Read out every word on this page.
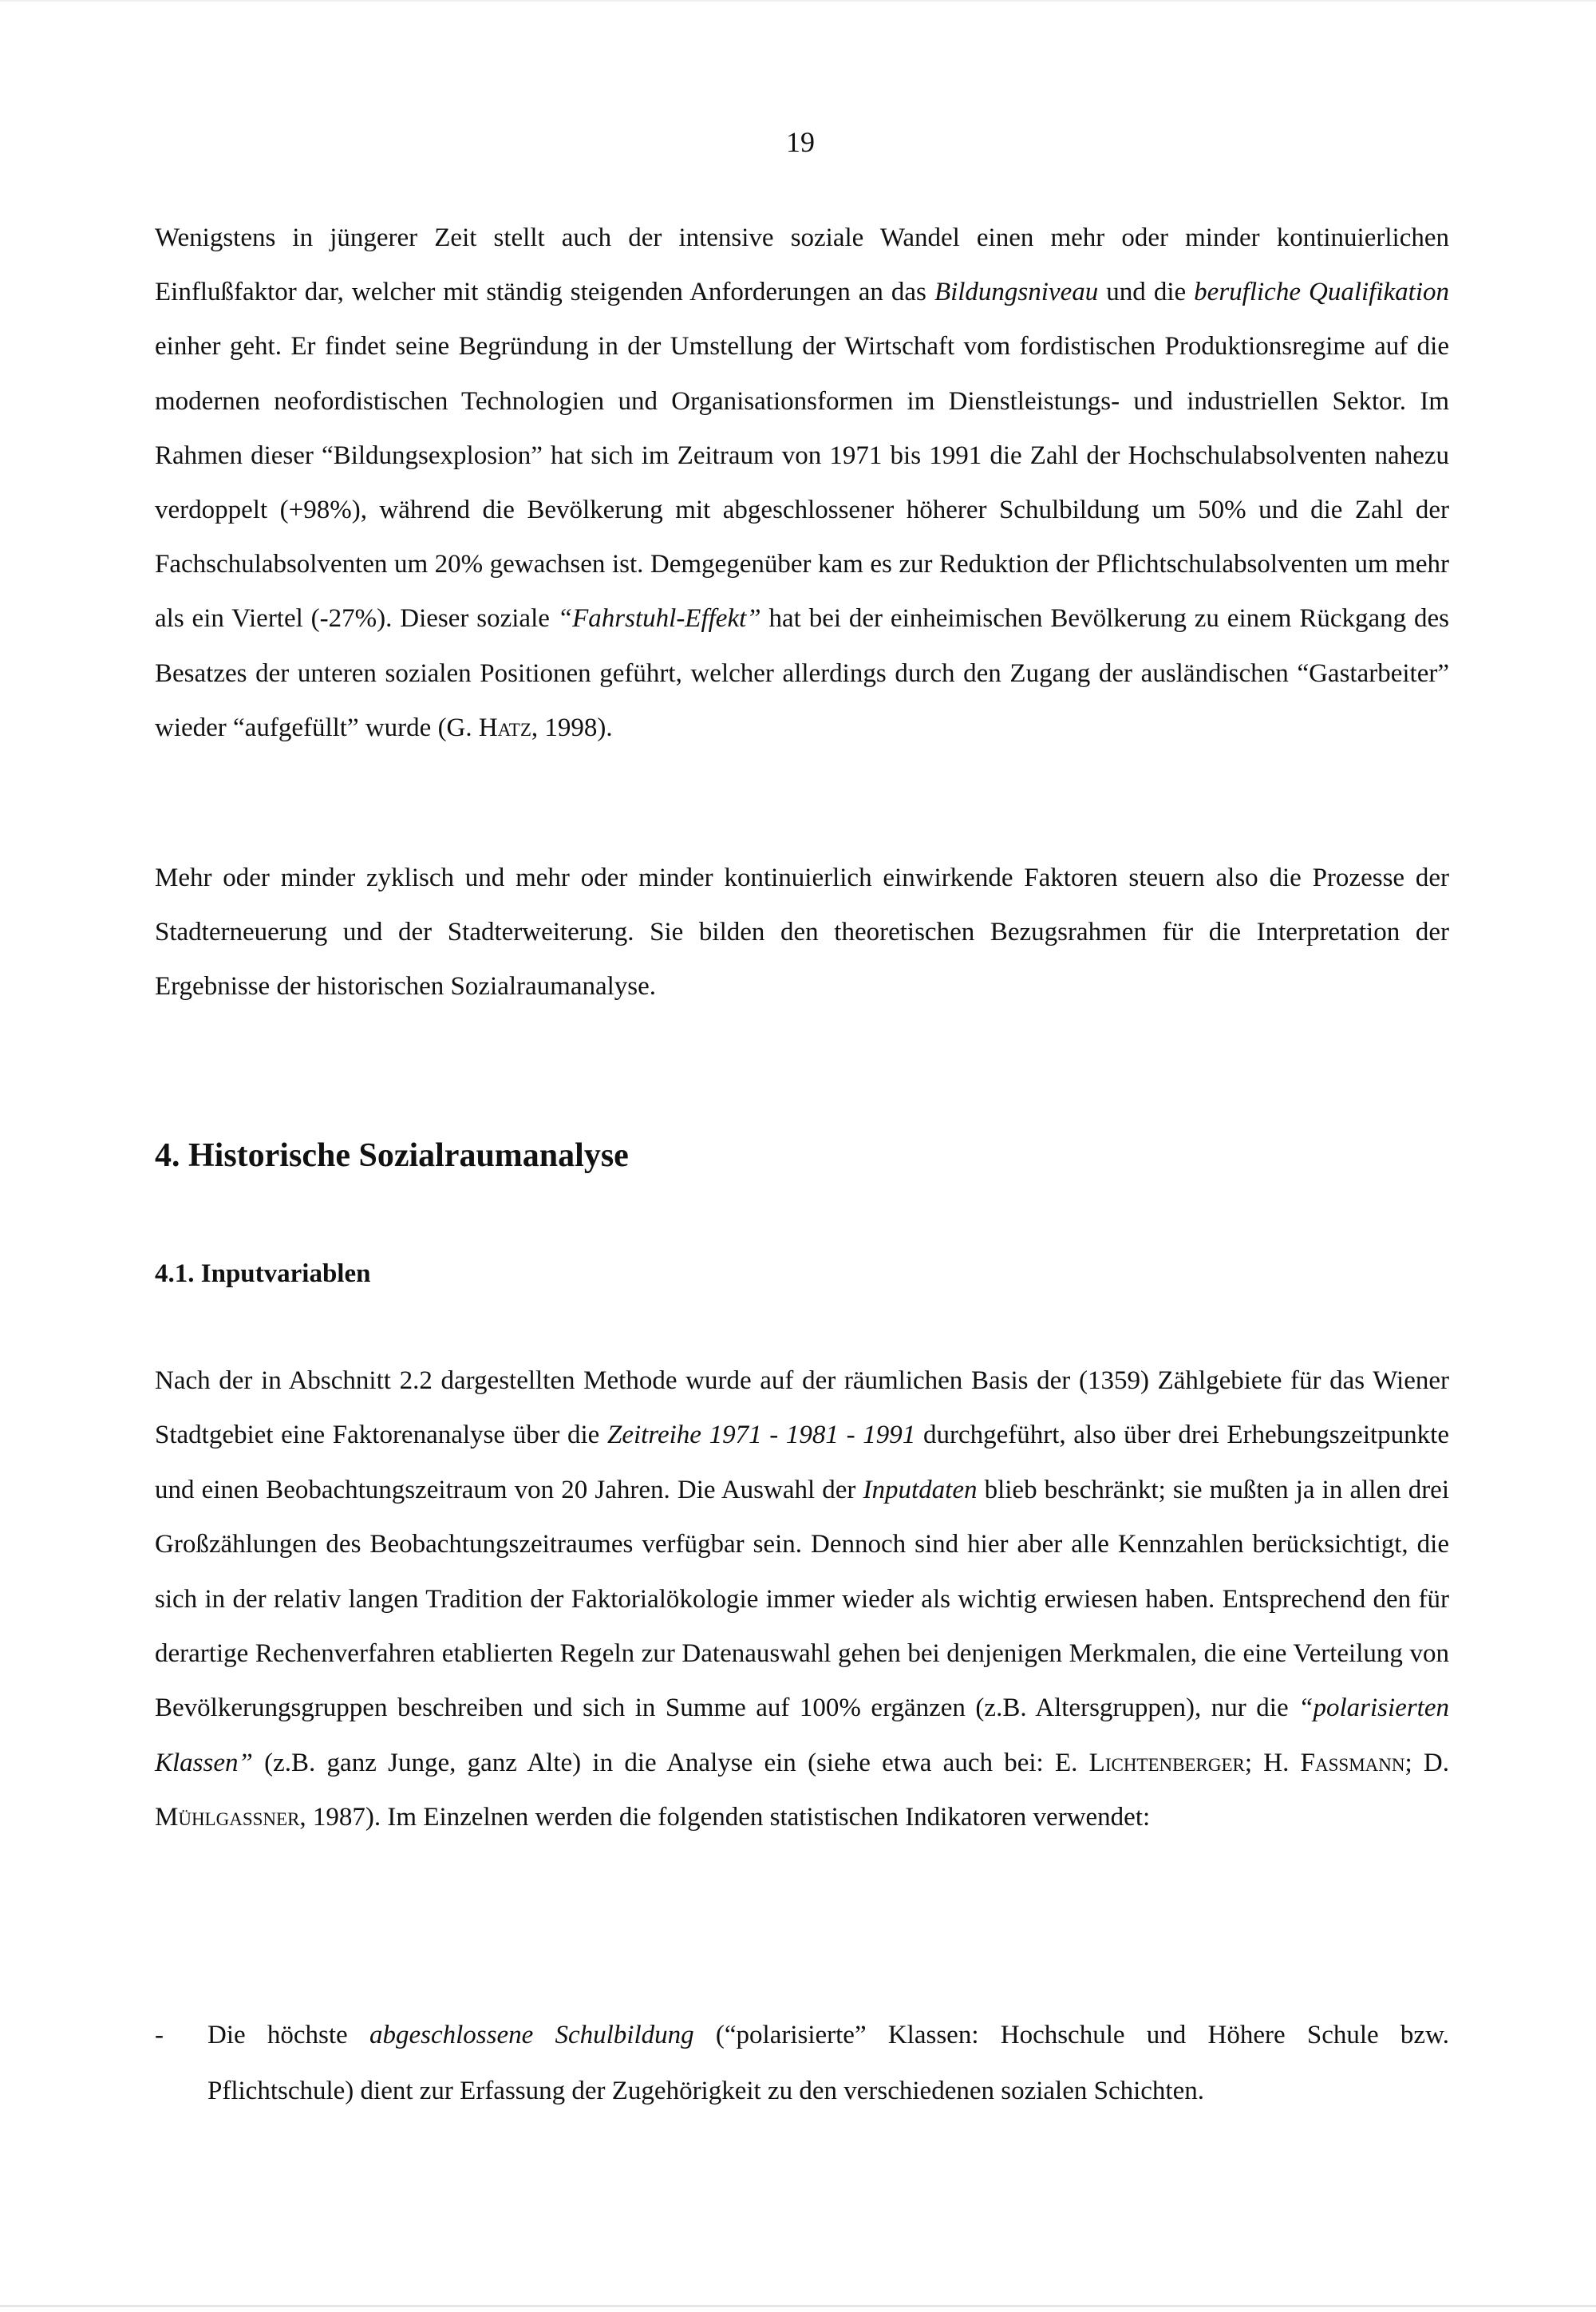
19

Wenigstens in jüngerer Zeit stellt auch der intensive soziale Wandel einen mehr oder minder kontinuierlichen Einflußfaktor dar, welcher mit ständig steigenden Anforderungen an das Bildungsniveau und die berufliche Qualifikation einher geht. Er findet seine Begründung in der Umstellung der Wirtschaft vom fordistischen Produktionsregime auf die modernen neofordistischen Technologien und Organisationsformen im Dienstleistungs- und industriellen Sektor. Im Rahmen dieser “Bildungsexplosion” hat sich im Zeitraum von 1971 bis 1991 die Zahl der Hochschulabsolventen nahezu verdoppelt (+98%), während die Bevölkerung mit abgeschlossener höherer Schulbildung um 50% und die Zahl der Fachschulabsolventen um 20% gewachsen ist. Demgegenüber kam es zur Reduktion der Pflichtschulabsolventen um mehr als ein Viertel (-27%). Dieser soziale “Fahrstuhl-Effekt” hat bei der einheimischen Bevölkerung zu einem Rückgang des Besatzes der unteren sozialen Positionen geführt, welcher allerdings durch den Zugang der ausländischen “Gastarbeiter” wieder “aufgefüllt” wurde (G. Hatz, 1998).

Mehr oder minder zyklisch und mehr oder minder kontinuierlich einwirkende Faktoren steuern also die Prozesse der Stadterneuerung und der Stadterweiterung. Sie bilden den theoretischen Bezugsrahmen für die Interpretation der Ergebnisse der historischen Sozialraumanalyse.

4. Historische Sozialraumanalyse
4.1. Inputvariablen

Nach der in Abschnitt 2.2 dargestellten Methode wurde auf der räumlichen Basis der (1359) Zählgebiete für das Wiener Stadtgebiet eine Faktorenanalyse über die Zeitreihe 1971 - 1981 - 1991 durchgeführt, also über drei Erhebungszeitpunkte und einen Beobachtungszeitraum von 20 Jahren. Die Auswahl der Inputdaten blieb beschränkt; sie mußten ja in allen drei Großzählungen des Beobachtungszeitraumes verfügbar sein. Dennoch sind hier aber alle Kennzahlen berücksichtigt, die sich in der relativ langen Tradition der Faktorialökologie immer wieder als wichtig erwiesen haben. Entsprechend den für derartige Rechenverfahren etablierten Regeln zur Datenauswahl gehen bei denjenigen Merkmalen, die eine Verteilung von Bevölkerungsgruppen beschreiben und sich in Summe auf 100% ergänzen (z.B. Altersgruppen), nur die “polarisierten Klassen” (z.B. ganz Junge, ganz Alte) in die Analyse ein (siehe etwa auch bei: E. Lichtenberger; H. Fassmann; D. Mühlgassner, 1987). Im Einzelnen werden die folgenden statistischen Indikatoren verwendet:

- Die höchste abgeschlossene Schulbildung (“polarisierte” Klassen: Hochschule und Höhere Schule bzw. Pflichtschule) dient zur Erfassung der Zugehörigkeit zu den verschiedenen sozialen Schichten.
